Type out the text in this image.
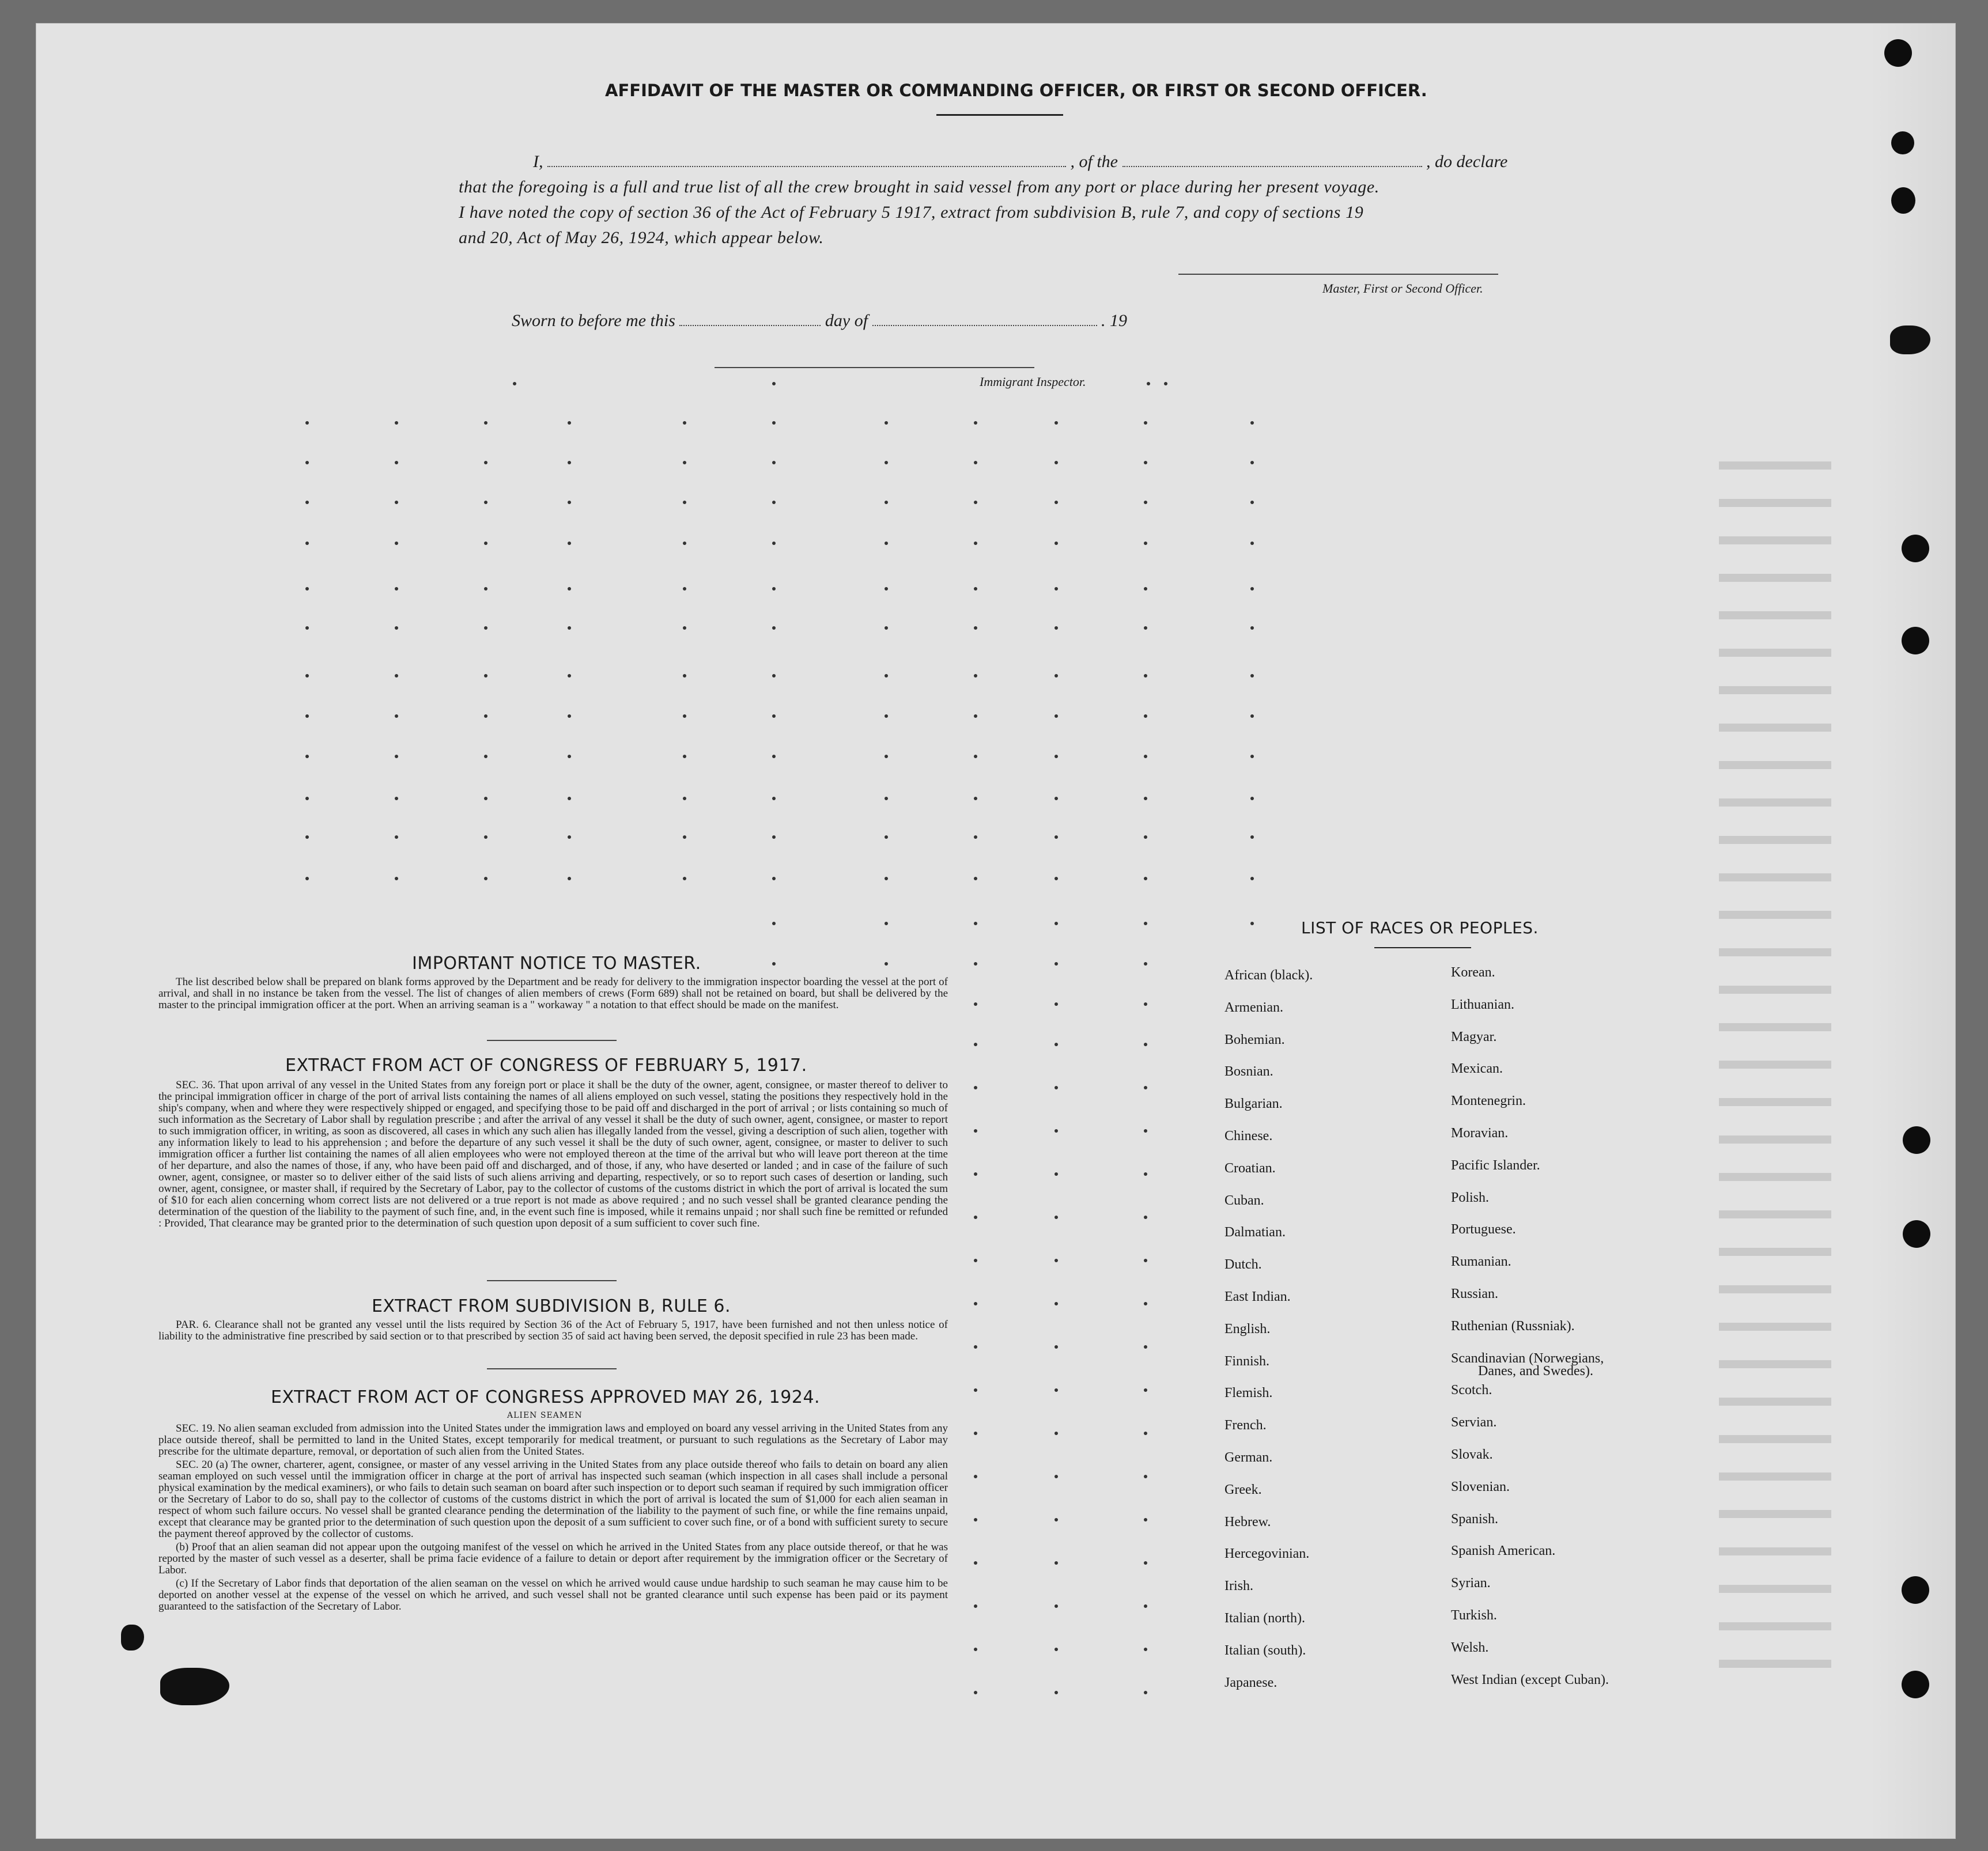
AFFIDAVIT OF THE MASTER OR COMMANDING OFFICER, OR FIRST OR SECOND OFFICER.
I,	, of the	, do declare
that the foregoing is a full and true list of all the crew brought in said vessel from any port or place during her present voyage.
I have noted the copy of section 36 of the Act of February 5 1917, extract from subdivision B, rule 7, and copy of sections 19
and 20, Act of May 26, 1924, which appear below.
Master, First or Second Officer.
Sworn to before me this	day of	. 19
Immigrant Inspector.
IMPORTANT NOTICE TO MASTER.

The list described below shall be prepared on blank forms approved by the Department and be ready for delivery to the immigration inspector boarding the vessel at the port of arrival, and shall in no instance be taken from the vessel. The list of changes of alien members of crews (Form 689) shall not be retained on board, but shall be delivered by the master to the principal immigration officer at the port. When an arriving seaman is a " workaway " a notation to that effect should be made on the manifest.

EXTRACT FROM ACT OF CONGRESS OF FEBRUARY 5, 1917.

SEC. 36. That upon arrival of any vessel in the United States from any foreign port or place it shall be the duty of the owner, agent, consignee, or master thereof to deliver to the principal immigration officer in charge of the port of arrival lists containing the names of all aliens employed on such vessel, stating the positions they respectively hold in the ship's company, when and where they were respectively shipped or engaged, and specifying those to be paid off and discharged in the port of arrival ; or lists containing so much of such information as the Secretary of Labor shall by regulation prescribe ; and after the arrival of any vessel it shall be the duty of such owner, agent, consignee, or master to report to such immigration officer, in writing, as soon as discovered, all cases in which any such alien has illegally landed from the vessel, giving a description of such alien, together with any information likely to lead to his apprehension ; and before the departure of any such vessel it shall be the duty of such owner, agent, consignee, or master to deliver to such immigration officer a further list containing the names of all alien employees who were not employed thereon at the time of the arrival but who will leave port thereon at the time of her departure, and also the names of those, if any, who have been paid off and discharged, and of those, if any, who have deserted or landed ; and in case of the failure of such owner, agent, consignee, or master so to deliver either of the said lists of such aliens arriving and departing, respectively, or so to report such cases of desertion or landing, such owner, agent, consignee, or master shall, if required by the Secretary of Labor, pay to the collector of customs of the customs district in which the port of arrival is located the sum of $10 for each alien concerning whom correct lists are not delivered or a true report is not made as above required ; and no such vessel shall be granted clearance pending the determination of the question of the liability to the payment of such fine, and, in the event such fine is imposed, while it remains unpaid ; nor shall such fine be remitted or refunded : Provided, That clearance may be granted prior to the determination of such question upon deposit of a sum sufficient to cover such fine.

EXTRACT FROM SUBDIVISION B, RULE 6.

PAR. 6. Clearance shall not be granted any vessel until the lists required by Section 36 of the Act of February 5, 1917, have been furnished and not then unless notice of liability to the administrative fine prescribed by said section or to that prescribed by section 35 of said act having been served, the deposit specified in rule 23 has been made.

EXTRACT FROM ACT OF CONGRESS APPROVED MAY 26, 1924.
ALIEN SEAMEN

SEC. 19. No alien seaman excluded from admission into the United States under the immigration laws and employed on board any vessel arriving in the United States from any place outside thereof, shall be permitted to land in the United States, except temporarily for medical treatment, or pursuant to such regulations as the Secretary of Labor may prescribe for the ultimate departure, removal, or deportation of such alien from the United States.

SEC. 20 (a) The owner, charterer, agent, consignee, or master of any vessel arriving in the United States from any place outside thereof who fails to detain on board any alien seaman employed on such vessel until the immigration officer in charge at the port of arrival has inspected such seaman (which inspection in all cases shall include a personal physical examination by the medical examiners), or who fails to detain such seaman on board after such inspection or to deport such seaman if required by such immigration officer or the Secretary of Labor to do so, shall pay to the collector of customs of the customs district in which the port of arrival is located the sum of $1,000 for each alien seaman in respect of whom such failure occurs. No vessel shall be granted clearance pending the determination of the liability to the payment of such fine, or while the fine remains unpaid, except that clearance may be granted prior to the determination of such question upon the deposit of a sum sufficient to cover such fine, or of a bond with sufficient surety to secure the payment thereof approved by the collector of customs.

(b) Proof that an alien seaman did not appear upon the outgoing manifest of the vessel on which he arrived in the United States from any place outside thereof, or that he was reported by the master of such vessel as a deserter, shall be prima facie evidence of a failure to detain or deport after requirement by the immigration officer or the Secretary of Labor.

(c) If the Secretary of Labor finds that deportation of the alien seaman on the vessel on which he arrived would cause undue hardship to such seaman he may cause him to be deported on another vessel at the expense of the vessel on which he arrived, and such vessel shall not be granted clearance until such expense has been paid or its payment guaranteed to the satisfaction of the Secretary of Labor.

LIST OF RACES OR PEOPLES.
African (black).
Armenian.
Bohemian.
Bosnian.
Bulgarian.
Chinese.
Croatian.
Cuban.
Dalmatian.
Dutch.
East Indian.
English.
Finnish.
Flemish.
French.
German.
Greek.
Hebrew.
Hercegovinian.
Irish.
Italian (north).
Italian (south).
Japanese.
Korean.
Lithuanian.
Magyar.
Mexican.
Montenegrin.
Moravian.
Pacific Islander.
Polish.
Portuguese.
Rumanian.
Russian.
Ruthenian (Russniak).
Scandinavian (Norwegians,
Scotch.
Servian.
Slovak.
Slovenian.
Spanish.
Spanish American.
Syrian.
Turkish.
Welsh.
West Indian (except Cuban).
Danes, and Swedes).
